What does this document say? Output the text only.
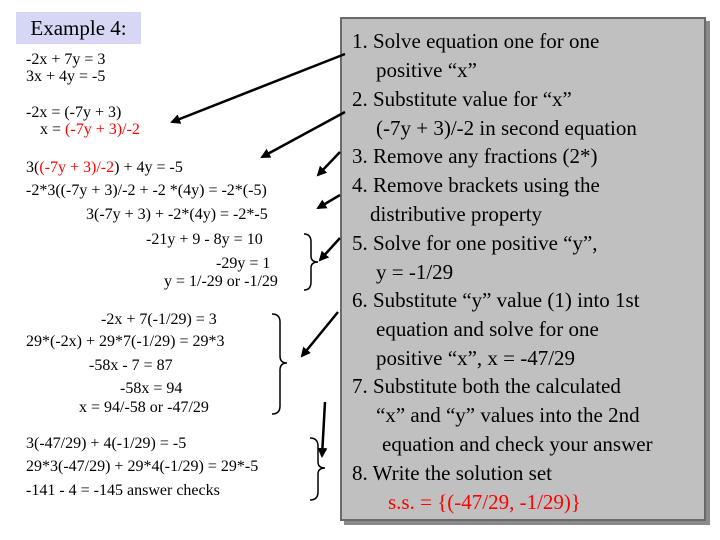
Example 4:
-2x + 7y = 3
3x + 4y = -5
-2x = (-7y + 3)
x = (-7y + 3)/-2
3((-7y + 3)/-2) + 4y = -5
-2*3((-7y + 3)/-2 + -2 *(4y) = -2*(-5)
3(-7y + 3) + -2*(4y) = -2*-5
-21y + 9 - 8y = 10
-29y = 1
y = 1/-29 or -1/29
-2x + 7(-1/29) = 3
29*(-2x) + 29*7(-1/29) = 29*3
-58x - 7 = 87
-58x = 94
x = 94/-58 or -47/29
3(-47/29) + 4(-1/29) = -5
29*3(-47/29) + 29*4(-1/29) = 29*-5
-141 - 4 = -145 answer checks
1. Solve equation one for one
positive “x”
2. Substitute value for “x”
(-7y + 3)/-2 in second equation
3. Remove any fractions (2*)
4. Remove brackets using the
distributive property
5. Solve for one positive “y”,
y = -1/29
6. Substitute “y” value (1) into 1st
equation and solve for one
positive “x”, x = -47/29
7. Substitute both the calculated
“x” and “y” values into the 2nd
equation and check your answer
8. Write the solution set
s.s. = {(-47/29, -1/29)}
